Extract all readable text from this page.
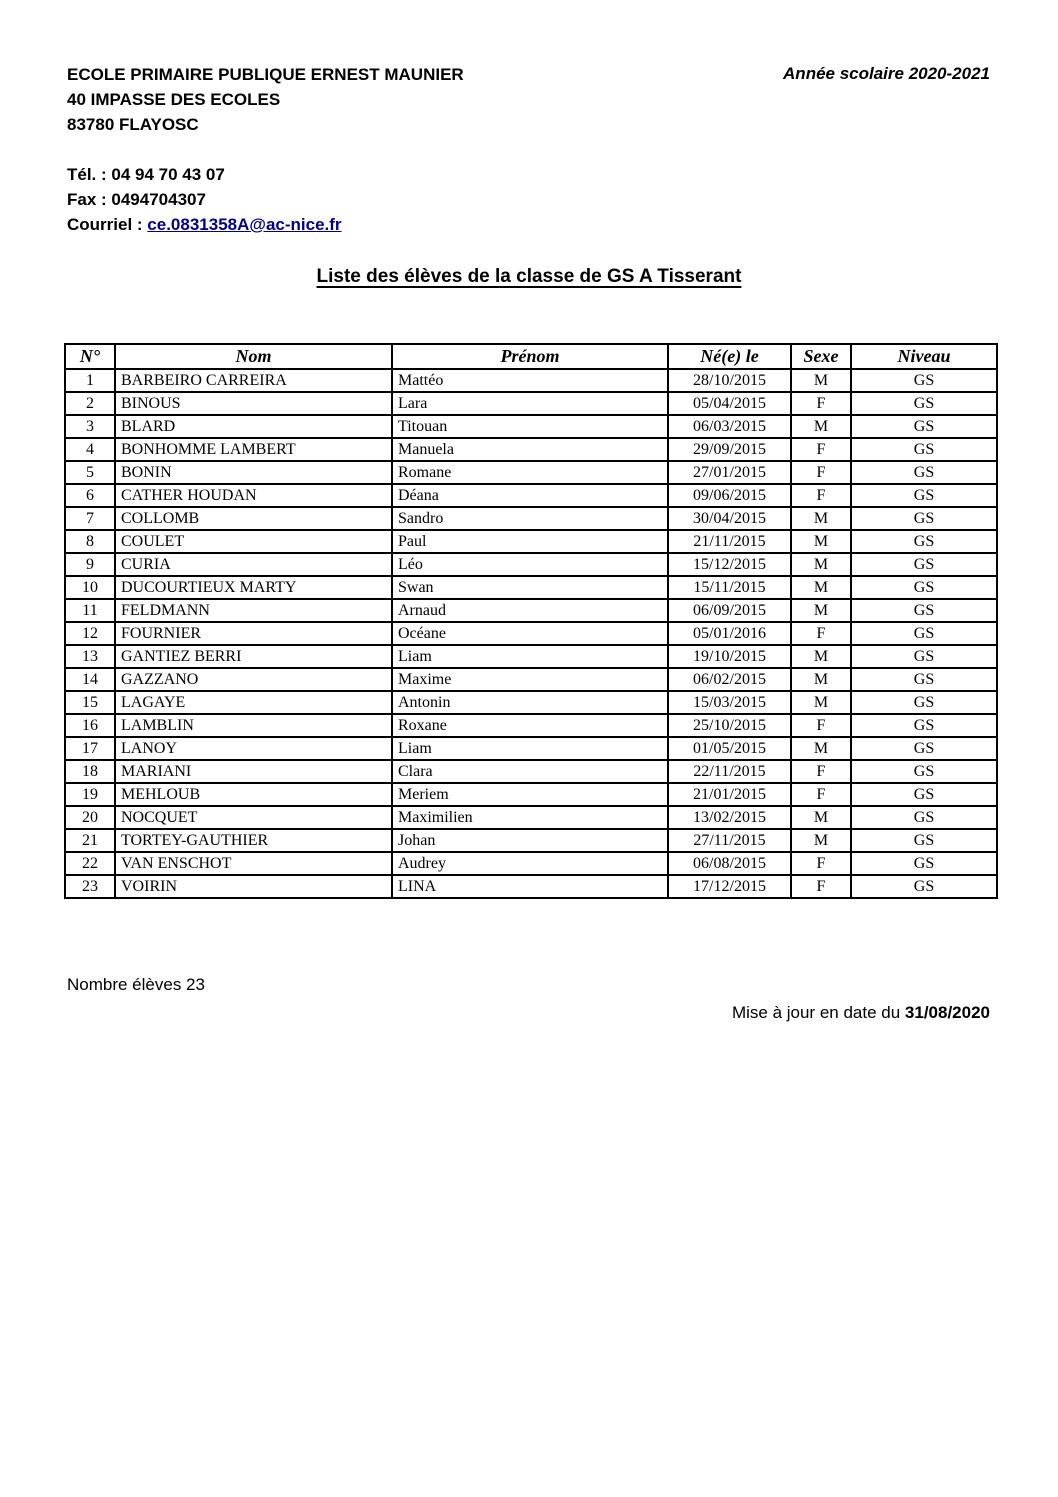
ECOLE PRIMAIRE PUBLIQUE ERNEST MAUNIER
40 IMPASSE DES ECOLES
83780 FLAYOSC
Tél. : 04 94 70 43 07
Fax : 0494704307
Courriel : ce.0831358A@ac-nice.fr
Année scolaire 2020-2021
Liste des élèves de la classe de GS A Tisserant
N°	Nom	Prénom	Né(e) le	Sexe	Niveau
1	BARBEIRO CARREIRA	Mattéo	28/10/2015	M	GS
2	BINOUS	Lara	05/04/2015	F	GS
3	BLARD	Titouan	06/03/2015	M	GS
4	BONHOMME LAMBERT	Manuela	29/09/2015	F	GS
5	BONIN	Romane	27/01/2015	F	GS
6	CATHER HOUDAN	Déana	09/06/2015	F	GS
7	COLLOMB	Sandro	30/04/2015	M	GS
8	COULET	Paul	21/11/2015	M	GS
9	CURIA	Léo	15/12/2015	M	GS
10	DUCOURTIEUX MARTY	Swan	15/11/2015	M	GS
11	FELDMANN	Arnaud	06/09/2015	M	GS
12	FOURNIER	Océane	05/01/2016	F	GS
13	GANTIEZ BERRI	Liam	19/10/2015	M	GS
14	GAZZANO	Maxime	06/02/2015	M	GS
15	LAGAYE	Antonin	15/03/2015	M	GS
16	LAMBLIN	Roxane	25/10/2015	F	GS
17	LANOY	Liam	01/05/2015	M	GS
18	MARIANI	Clara	22/11/2015	F	GS
19	MEHLOUB	Meriem	21/01/2015	F	GS
20	NOCQUET	Maximilien	13/02/2015	M	GS
21	TORTEY-GAUTHIER	Johan	27/11/2015	M	GS
22	VAN ENSCHOT	Audrey	06/08/2015	F	GS
23	VOIRIN	LINA	17/12/2015	F	GS
Nombre élèves 23
Mise à jour en date du 31/08/2020
